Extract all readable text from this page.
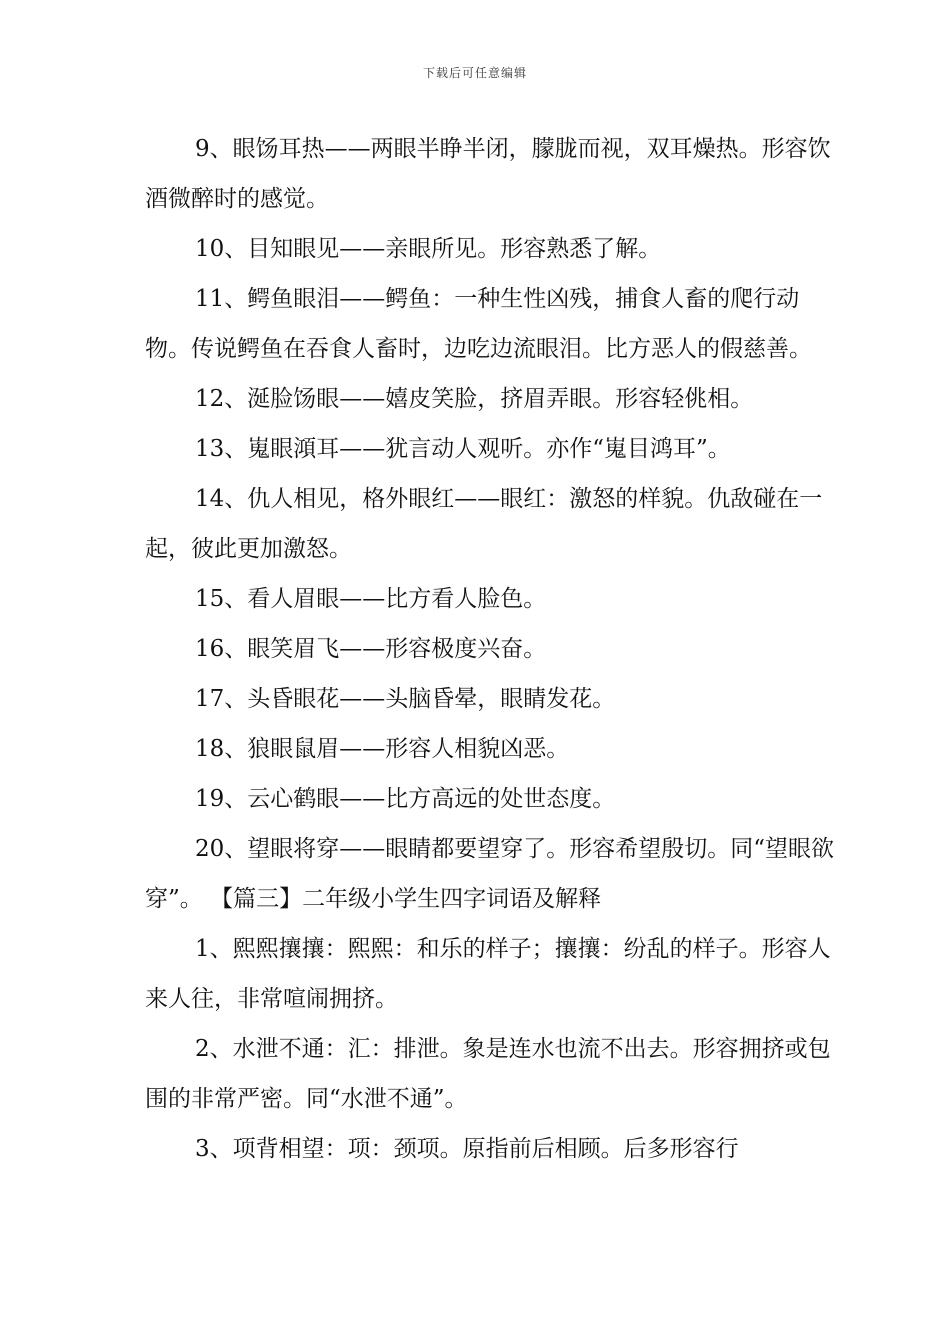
下载后可任意编辑

9、眼饧耳热——两眼半睁半闭，朦胧而视，双耳燥热。形容饮酒微醉时的感觉。

10、目知眼见——亲眼所见。形容熟悉了解。

11、鳄鱼眼泪——鳄鱼：一种生性凶残，捕食人畜的爬行动物。传说鳄鱼在吞食人畜时，边吃边流眼泪。比方恶人的假慈善。

12、涎脸饧眼——嬉皮笑脸，挤眉弄眼。形容轻佻相。

13、嵬眼澒耳——犹言动人观听。亦作“嵬目鸿耳”。

14、仇人相见，格外眼红——眼红：激怒的样貌。仇敌碰在一起，彼此更加激怒。

15、看人眉眼——比方看人脸色。

16、眼笑眉飞——形容极度兴奋。

17、头昏眼花——头脑昏晕，眼睛发花。

18、狼眼鼠眉——形容人相貌凶恶。

19、云心鹤眼——比方高远的处世态度。

20、望眼将穿——眼睛都要望穿了。形容希望殷切。同“望眼欲穿”。 【篇三】二年级小学生四字词语及解释

1、熙熙攘攘：熙熙：和乐的样子；攘攘：纷乱的样子。形容人来人往，非常喧闹拥挤。

2、水泄不通：汇：排泄。象是连水也流不出去。形容拥挤或包围的非常严密。同“水泄不通”。

3、项背相望：项：颈项。原指前后相顾。后多形容行
